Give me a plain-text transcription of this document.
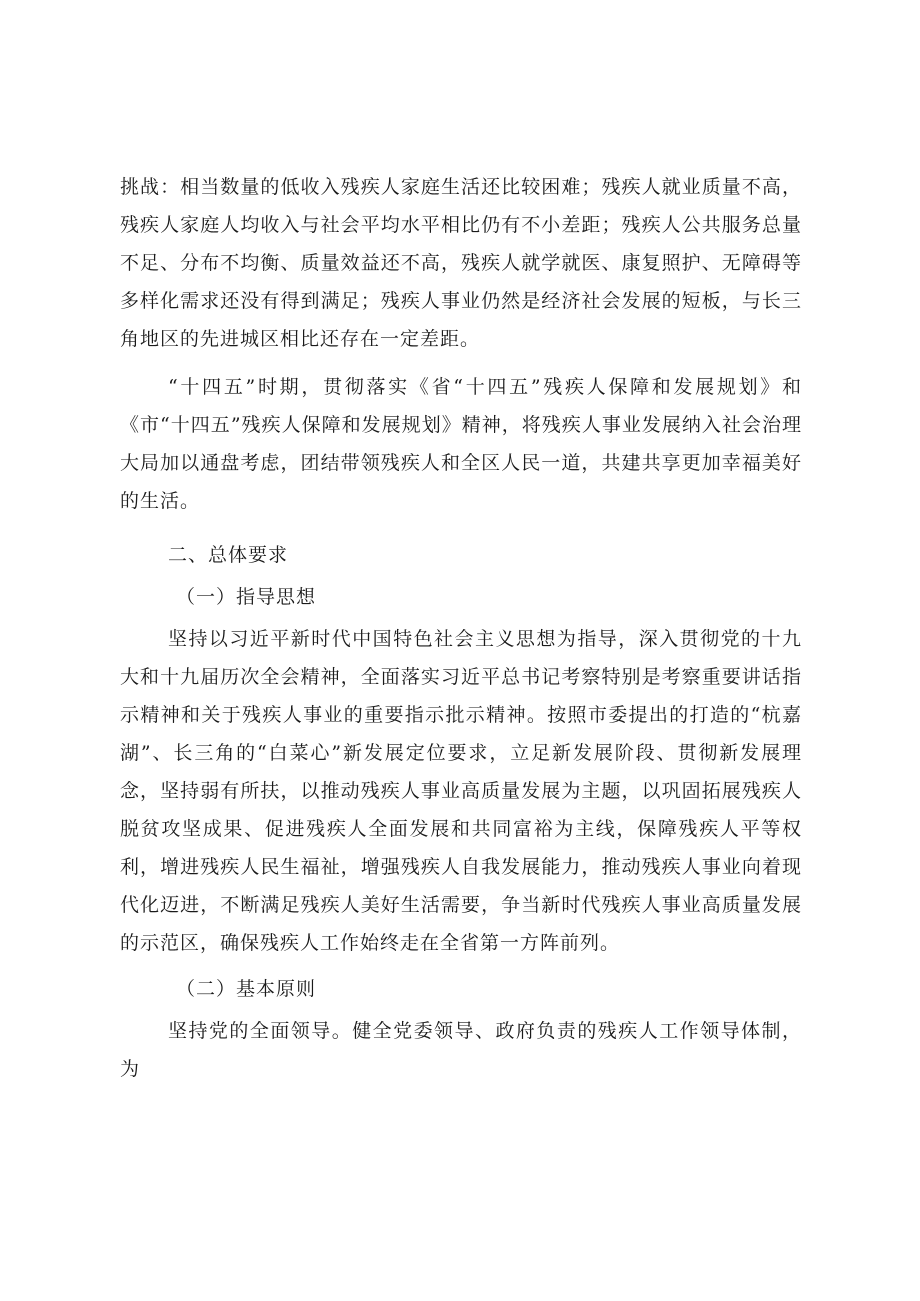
挑战：相当数量的低收入残疾人家庭生活还比较困难；残疾人就业质量不高，残疾人家庭人均收入与社会平均水平相比仍有不小差距；残疾人公共服务总量不足、分布不均衡、质量效益还不高，残疾人就学就医、康复照护、无障碍等多样化需求还没有得到满足；残疾人事业仍然是经济社会发展的短板，与长三角地区的先进城区相比还存在一定差距。

“十四五”时期，贯彻落实《省“十四五”残疾人保障和发展规划》和《市“十四五”残疾人保障和发展规划》精神，将残疾人事业发展纳入社会治理大局加以通盘考虑，团结带领残疾人和全区人民一道，共建共享更加幸福美好的生活。

二、总体要求

（一）指导思想

坚持以习近平新时代中国特色社会主义思想为指导，深入贯彻党的十九大和十九届历次全会精神，全面落实习近平总书记考察特别是考察重要讲话指示精神和关于残疾人事业的重要指示批示精神。按照市委提出的打造的“杭嘉湖”、长三角的“白菜心”新发展定位要求，立足新发展阶段、贯彻新发展理念，坚持弱有所扶，以推动残疾人事业高质量发展为主题，以巩固拓展残疾人脱贫攻坚成果、促进残疾人全面发展和共同富裕为主线，保障残疾人平等权利，增进残疾人民生福祉，增强残疾人自我发展能力，推动残疾人事业向着现代化迈进，不断满足残疾人美好生活需要，争当新时代残疾人事业高质量发展的示范区，确保残疾人工作始终走在全省第一方阵前列。

（二）基本原则

坚持党的全面领导。健全党委领导、政府负责的残疾人工作领导体制，为
